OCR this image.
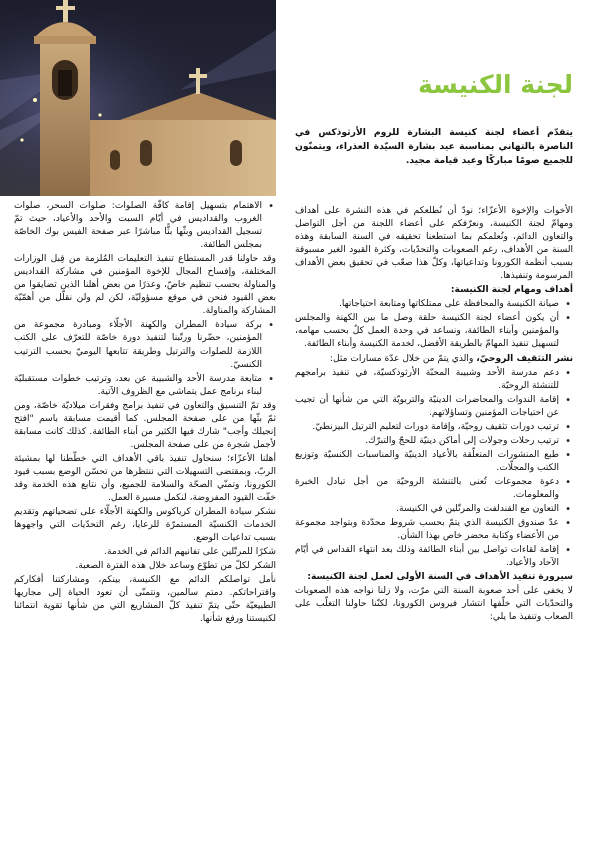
لجنة الكنيسة
يتقدّم أعضاء لجنة كنيسة البشارة للروم الأرثوذكس في الناصرة بالتهاني بمناسبة عيد بشارة السيّدة العذراء، ويتمنّون للجميع صومًا مباركًا وعيد قيامة مجيد.

الأخوات والإخوة الأعزّاء؛ نودّ أن نُطلعكم في هذه النشرة على أهداف ومهامّ لجنة الكنيسة، ونعرّفكم على أعضاء اللجنة من أجل التواصل والتعاون الدائم، ونُعلمكم بما استطعنا تحقيقه في السنة السابقة وهذه السنة من الأهداف، رغم الصعوبات والتحدّيات، وكثرة القيود الغير مسبوقة بسبب أنظمة الكورونا وتداعياتها، وكلّ هذا صعّب في تحقيق بعض الأهداف المرسومة وتنفيذها.

أهداف ومهام لجنة الكنيسة:

• صيانة الكنيسة والمحافظة على ممتلكاتها ومتابعة احتياجاتها.
• أن يكون أعضاء لجنة الكنيسة حلقة وصل ما بين الكهنة والمجلس والمؤمنين وأبناء الطائفة، ونساعد في وحدة العمل كلٌ بحسب مهامه، لتسهيل تنفيذ المهامّ بالطريقة الأفضل، لخدمة الكنيسة وأبناء الطائفة.

نشر التثقيف الروحيّ، والذي يتمّ من خلال عدّة مسارات مثل:

• دعم مدرسة الأحد وشبيبة المحبّة الأرثوذكسيّة، في تنفيذ برامجهم للتنشئة الروحيّة.
• إقامة الندوات والمحاضرات الدينيّة والتربويّة التي من شأنها أن تجيب عن احتياجات المؤمنين وتساؤلاتهم.
• ترتيب دورات تثقيف روحيّة، وإقامة دورات لتعليم الترتيل البيزنطيّ.
• ترتيب رحلات وجولات إلى أماكن دينيّة للحجّ والتبرّك.
• طبع المنشورات المتعلّقة بالأعياد الدينيّة والمناسبات الكنسيّة وتوزيع الكتب والمجلّات.
• دعوة مجموعات تُعنى بالتنشئة الروحيّة من أجل تبادل الخبرة والمعلومات.
• التعاون مع القندلفت والمرتّلين في الكنيسة.
• عدّ صندوق الكنيسة الذي يتمّ بحسب شروط محدّدة وبتواجد مجموعة من الأعضاء وكتابة محضر خاص بهذا الشأن.
• إقامة لقاءات تواصل بين أبناء الطائفة وذلك بعد انتهاء القداس في أيّام الآحاد والأعياد.

سيرورة تنفيذ الأهداف في السنة الأولى لعمل لجنة الكنيسة:

لا يخفى على أحد صعوبة السنة التي مرّت، ولا زلنا نواجه هذه الصعوبات والتحدّيات التي خلّفها انتشار فيروس الكورونا، لكنّنا حاولنا التغلّب على الصعاب وتنفيذ ما يلي:

• الاهتمام بتسهيل إقامة كافّة الصلوات: صلوات السحر، صلوات الغروب والقداديس في أيّام السبت والأحد والأعياد، حيث تمّ تسجيل القداديس وبثّها بثًّا مباشرًا عبر صفحة الفيس بوك الخاصّة بمجلس الطائفة.

وقد حاولنا قدر المستطاع تنفيذ التعليمات المُلزمة من قِبل الوزارات المختلفة، وإفساح المجال للإخوة المؤمنين في مشاركة القداديس والمناولة بحسب تنظيم خاصّ، وعذرًا من بعض أهلنا الذين تضايقوا من بعض القيود فنحن في موقع مسؤوليّة، لكن لم ولن نقلّل من أهمّيّة المشاركة والمناولة.

• بركة سيادة المطران والكهنة الأجلّاء ومبادرة مجموعة من المؤمنين، حضّرنا ورتّبنا لتنفيذ دورة خاصّة للتعرّف على الكتب اللازمة للصلوات والترتيل وطريقة تتابعها اليوميّ بحسب الترتيب الكنسيّ.
• متابعة مدرسة الأحد والشبيبة عن بعد، وترتيب خطوات مستقبليّة لبناء برنامج عمل يتماشى مع الظروف الآتية.

وقد تمّ التنسيق والتعاون في تنفيذ برامج وفقرات ميلاديّة خاصّة، ومن ثمّ بثّها من على صفحة المجلس. كما أقيمت مسابقة باسم "افتح إنجيلك وأجب" شارك فيها الكثير من أبناء الطائفة. كذلك كانت مسابقة لأجمل شجرة من على صفحة المجلس.

أهلنا الأعزّاء؛ سنحاول تنفيذ باقي الأهداف التي خطّطنا لها بمشيئة الربّ، وبمقتضى التسهيلات التي ننتظرها من تحسّن الوضع بسبب قيود الكورونا، وتمنّي الصحّة والسلامة للجميع، وأن نتابع هذه الخدمة وقد خفّت القيود المفروضة، لنكمل مسيرة العمل.

نشكر سيادة المطران كرياكوس والكهنة الأجلّاء على تضحياتهم وتقديم الخدمات الكنسيّة المستمرّة للرعايا، رغم التحدّيات التي واجهوها بسبب تداعيات الوضع.

شكرًا للمرتّلين على تفانيهم الدائم في الخدمة.

الشكر لكلّ من تطوّع وساعد خلال هذه الفترة الصعبة.

نأمل تواصلكم الدائم مع الكنيسة، بينكم، ومشاركتنا أفكاركم واقتراحاتكم. دمتم سالمين، ونتمنّى أن تعود الحياة إلى مجاريها الطبيعيّة حتّى يتمّ تنفيذ كلّ المشاريع التي من شأنها تقوية انتمائنا لكنيستنا ورفع شأنها.
